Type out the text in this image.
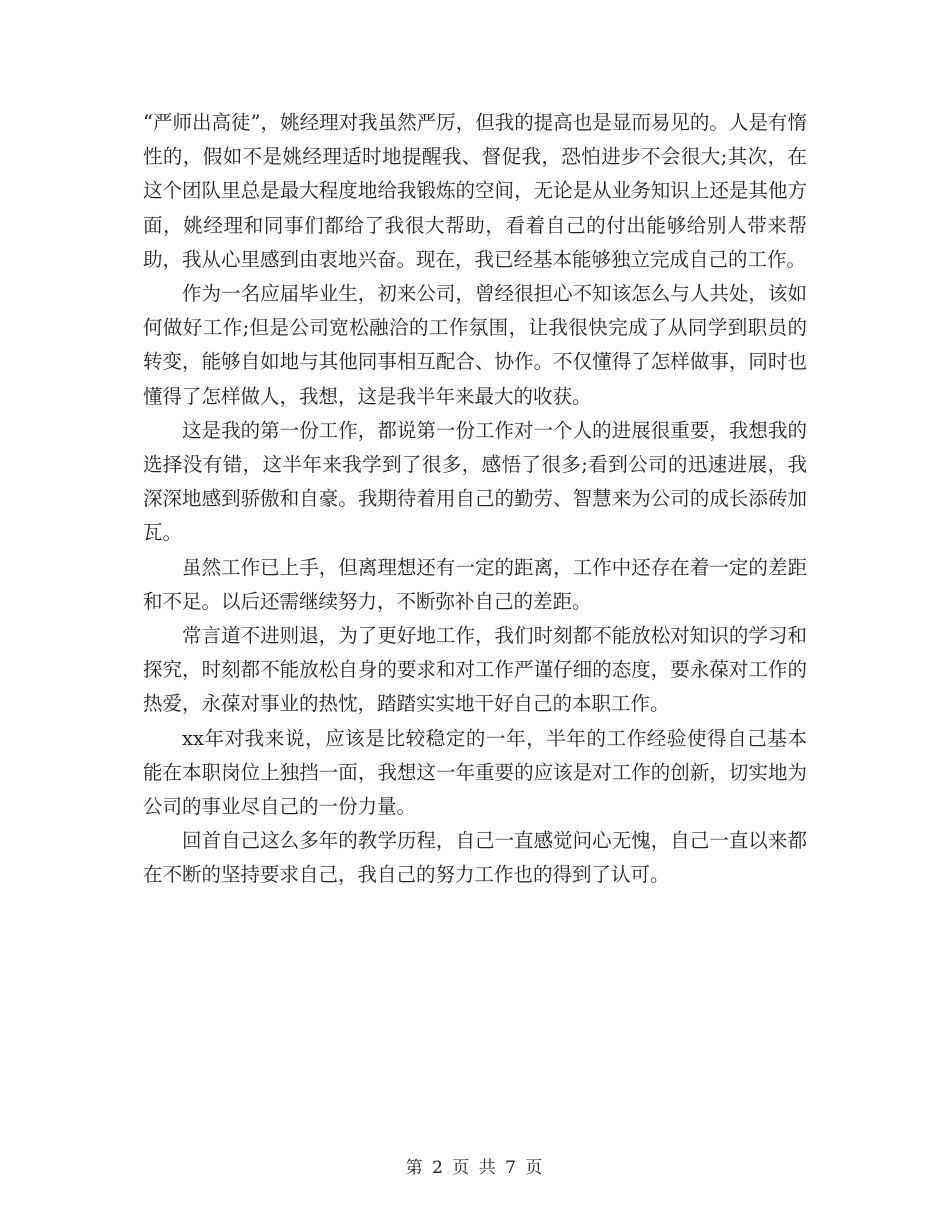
“严师出高徒”，姚经理对我虽然严厉，但我的提高也是显而易见的。人是有惰性的，假如不是姚经理适时地提醒我、督促我，恐怕进步不会很大;其次，在这个团队里总是最大程度地给我锻炼的空间，无论是从业务知识上还是其他方面，姚经理和同事们都给了我很大帮助，看着自己的付出能够给别人带来帮助，我从心里感到由衷地兴奋。现在，我已经基本能够独立完成自己的工作。

作为一名应届毕业生，初来公司，曾经很担心不知该怎么与人共处，该如何做好工作;但是公司宽松融洽的工作氛围，让我很快完成了从同学到职员的转变，能够自如地与其他同事相互配合、协作。不仅懂得了怎样做事，同时也懂得了怎样做人，我想，这是我半年来最大的收获。

这是我的第一份工作，都说第一份工作对一个人的进展很重要，我想我的选择没有错，这半年来我学到了很多，感悟了很多;看到公司的迅速进展，我深深地感到骄傲和自豪。我期待着用自己的勤劳、智慧来为公司的成长添砖加瓦。

虽然工作已上手，但离理想还有一定的距离，工作中还存在着一定的差距和不足。以后还需继续努力，不断弥补自己的差距。

常言道不进则退，为了更好地工作，我们时刻都不能放松对知识的学习和探究，时刻都不能放松自身的要求和对工作严谨仔细的态度，要永葆对工作的热爱，永葆对事业的热忱，踏踏实实地干好自己的本职工作。

xx年对我来说，应该是比较稳定的一年，半年的工作经验使得自己基本能在本职岗位上独挡一面，我想这一年重要的应该是对工作的创新，切实地为公司的事业尽自己的一份力量。

回首自己这么多年的教学历程，自己一直感觉问心无愧，自己一直以来都在不断的坚持要求自己，我自己的努力工作也的得到了认可。

第 2 页 共 7 页
